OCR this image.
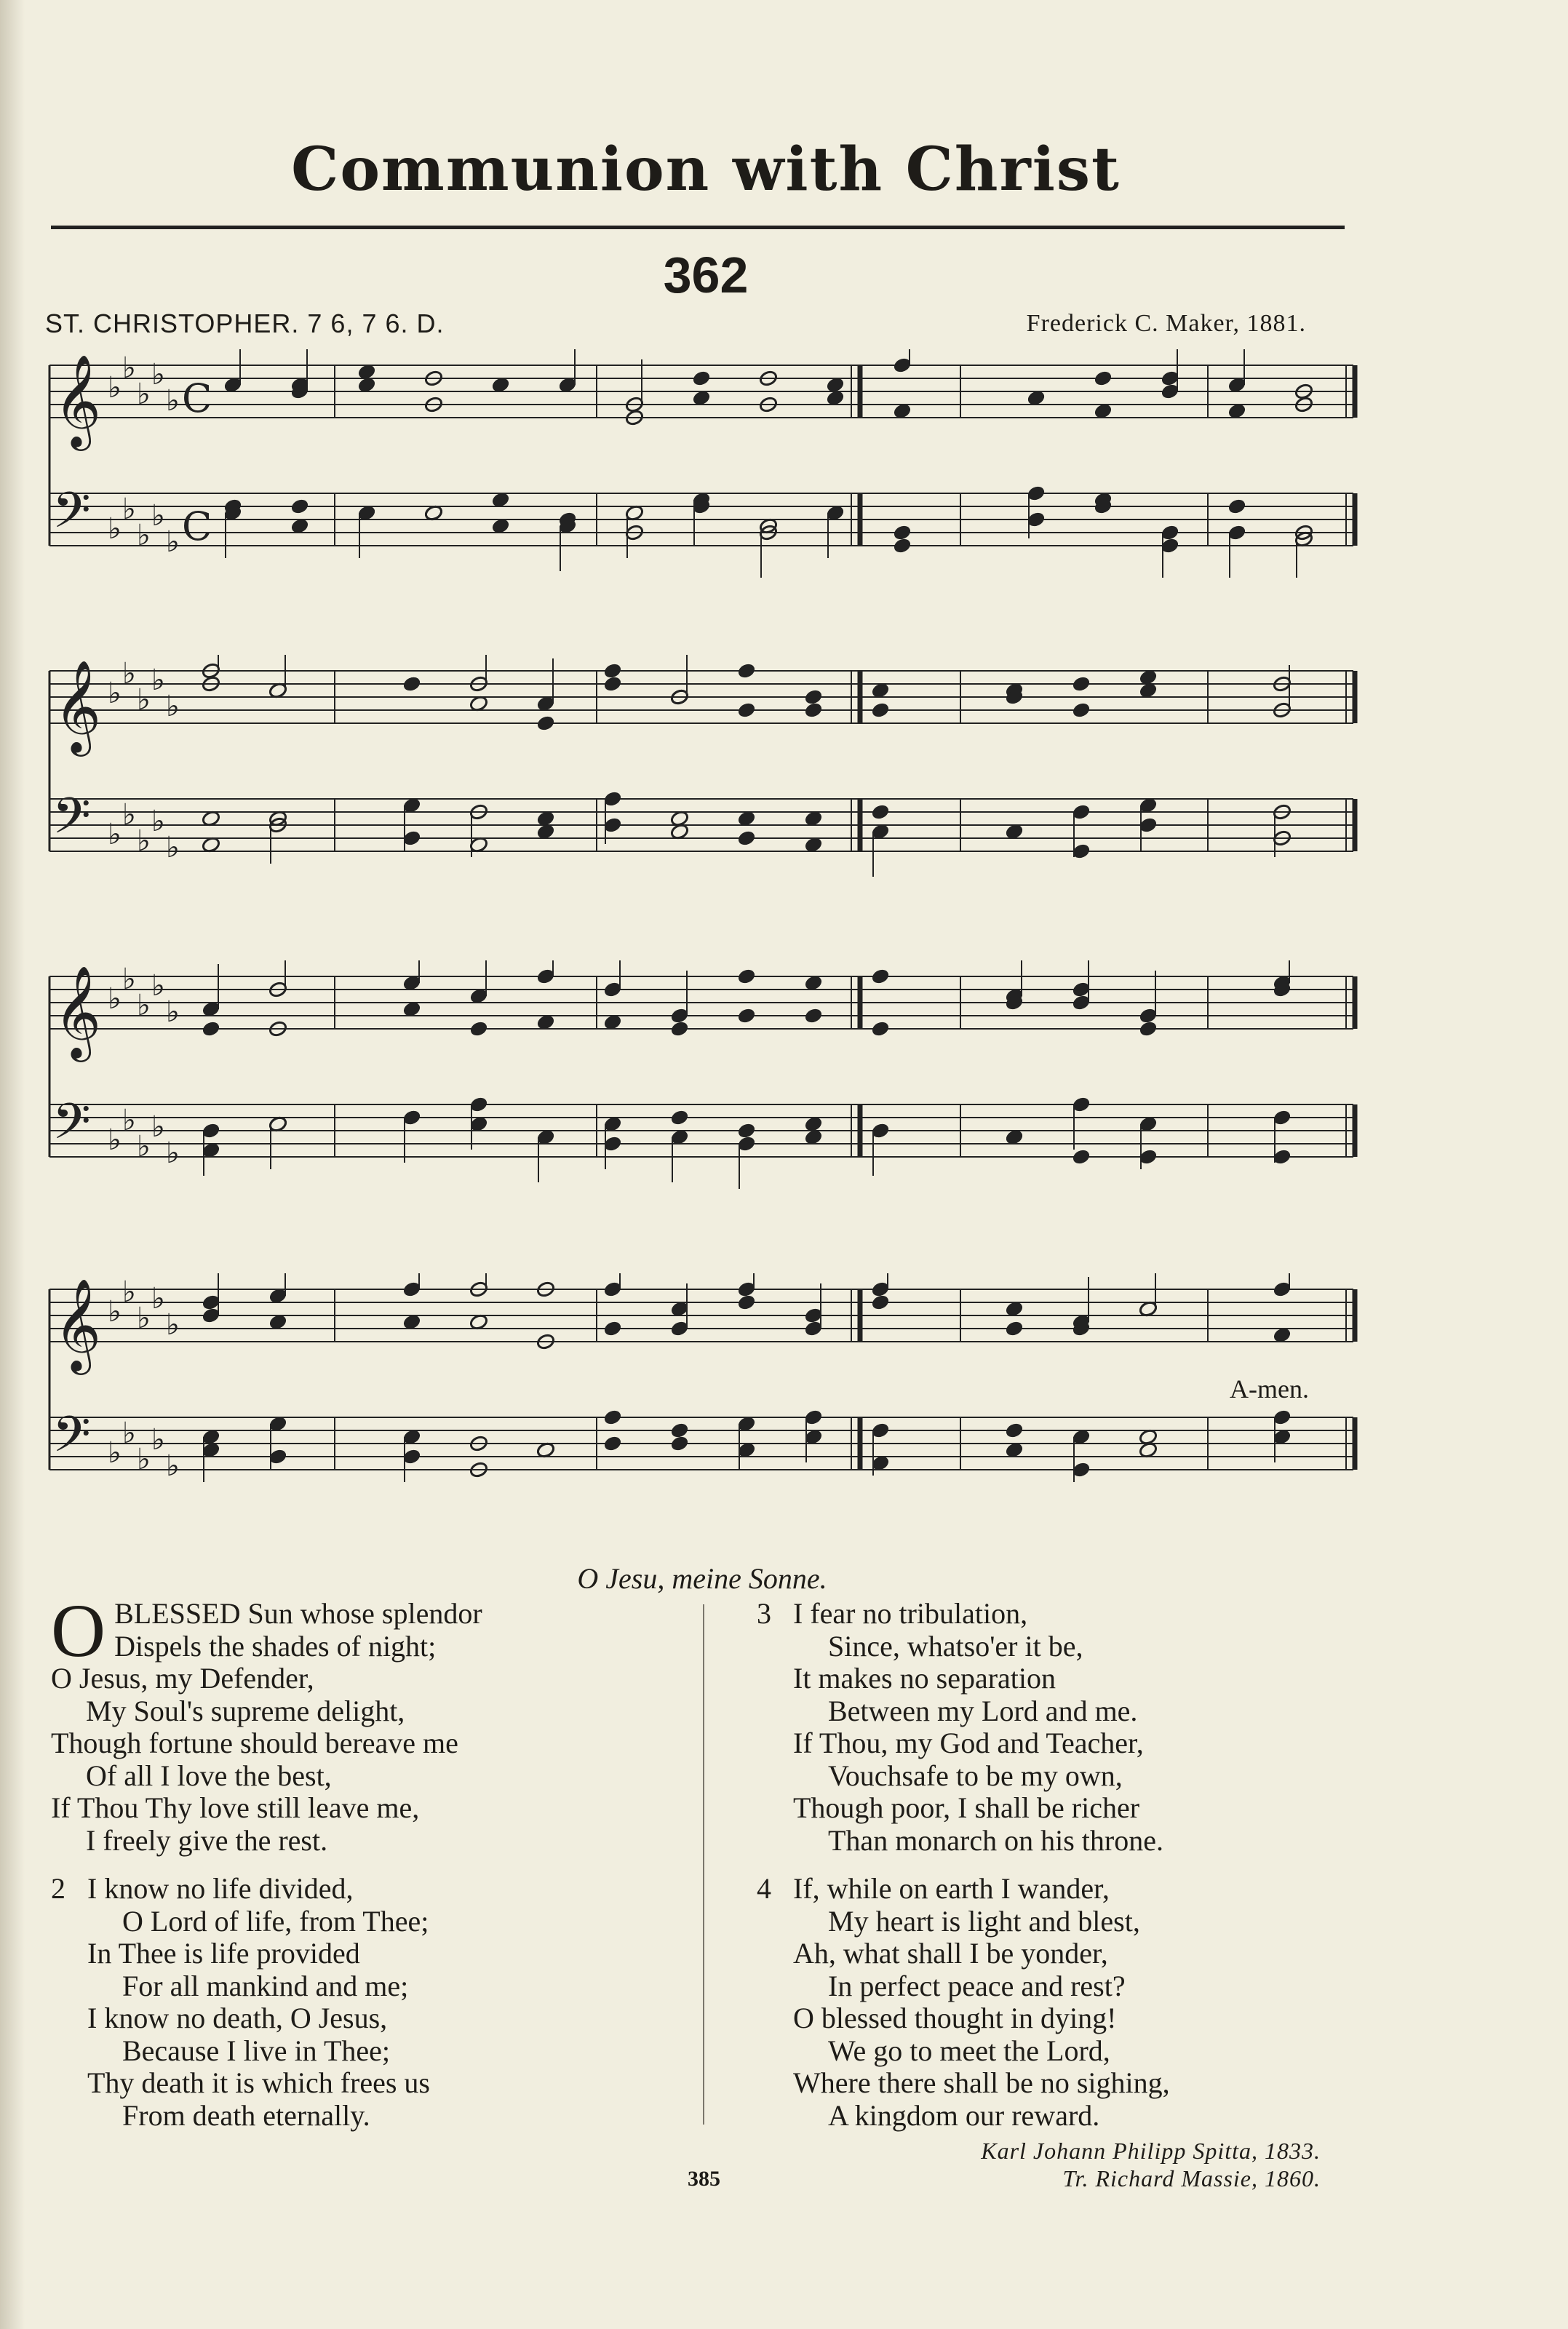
Communion with Christ
362
ST. CHRISTOPHER. 7 6, 7 6. D.	Frederick C. Maker, 1881.
𝄞
𝄢
♭
♭
♭
♭
♭
♭
♭
♭
♭
♭
C
C
𝄞
𝄢
♭
♭
♭
♭
♭
♭
♭
♭
♭
♭
𝄞
𝄢
♭
♭
♭
♭
♭
♭
♭
♭
♭
♭
𝄞
𝄢
♭
♭
♭
♭
♭
♭
♭
♭
♭
♭
A-men.
O Jesu, meine Sonne.
O BLESSED Sun whose splendor
Dispels the shades of night;
O Jesus, my Defender,
My Soul's supreme delight,
Though fortune should bereave me
Of all I love the best,
If Thou Thy love still leave me,
I freely give the rest.
2 I know no life divided,
O Lord of life, from Thee;
In Thee is life provided
For all mankind and me;
I know no death, O Jesus,
Because I live in Thee;
Thy death it is which frees us
From death eternally.
3 I fear no tribulation,
Since, whatso'er it be,
It makes no separation
Between my Lord and me.
If Thou, my God and Teacher,
Vouchsafe to be my own,
Though poor, I shall be richer
Than monarch on his throne.
4 If, while on earth I wander,
My heart is light and blest,
Ah, what shall I be yonder,
In perfect peace and rest?
O blessed thought in dying!
We go to meet the Lord,
Where there shall be no sighing,
A kingdom our reward.
Karl Johann Philipp Spitta, 1833.
Tr. Richard Massie, 1860.
385
